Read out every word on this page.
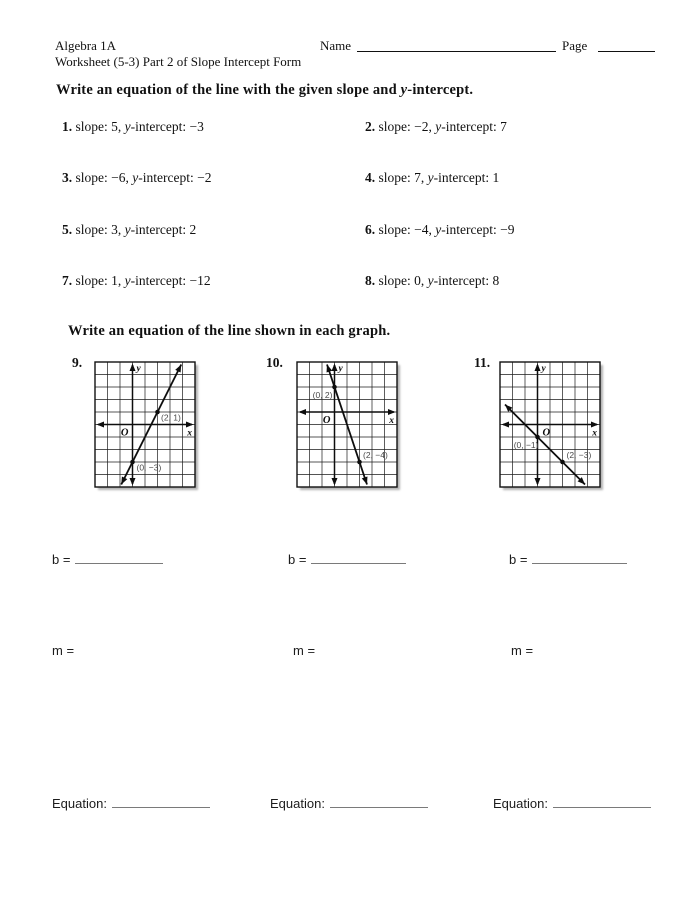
Algebra 1A	Name	Page
Worksheet (5-3) Part 2 of Slope Intercept Form
Write an equation of the line with the given slope and y-intercept.
1. slope: 5, y-intercept: −3	2. slope: −2, y-intercept: 7
3. slope: −6, y-intercept: −2	4. slope: 7, y-intercept: 1
5. slope: 3, y-intercept: 2	6. slope: −4, y-intercept: −9
7. slope: 1, y-intercept: −12	8. slope: 0, y-intercept: 8
Write an equation of the line shown in each graph.
9.
(2, 1)
(0, −3)
y
x
O
10.
(0, 2)
(2, −4)
y
x
O
11.
(0, −1)
(2, −3)
y
x
O
b =	b =	b =
m =	m =	m =
Equation:	Equation:	Equation:
